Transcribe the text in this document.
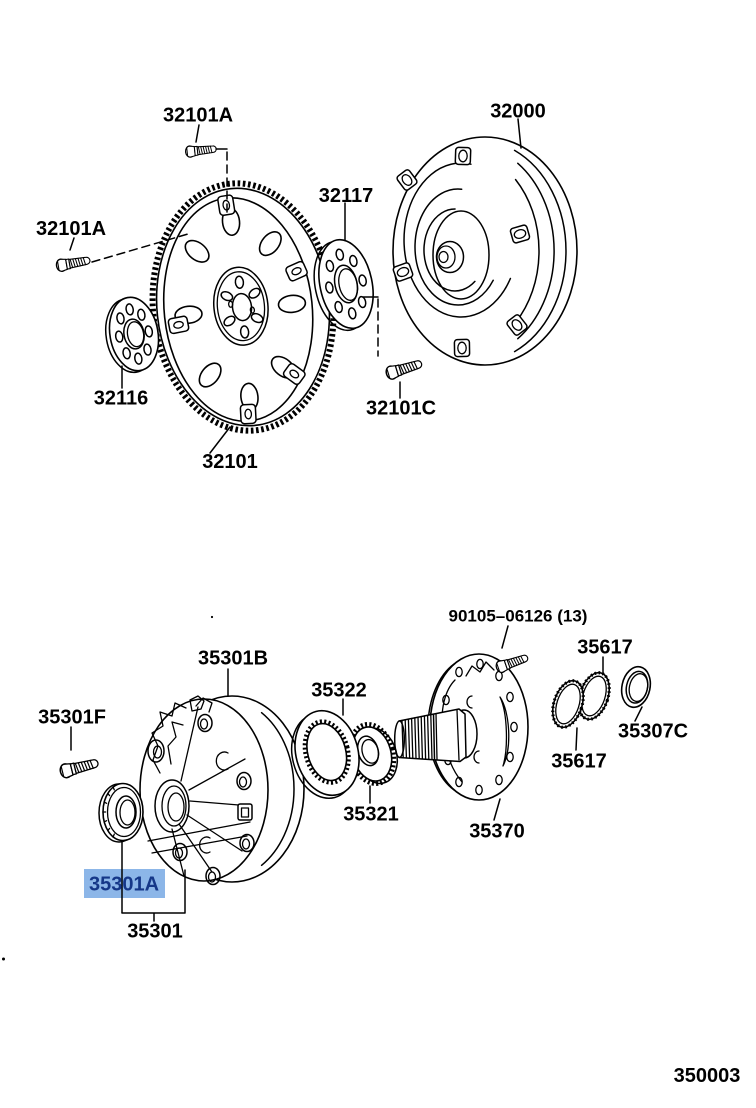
32101A
32101A
32000
32117
32116
32101
32101C
90105–06126 (13)
35617
35301B
35322
35301F
35307C
35617
35321
35370
35301A
35301
350003
